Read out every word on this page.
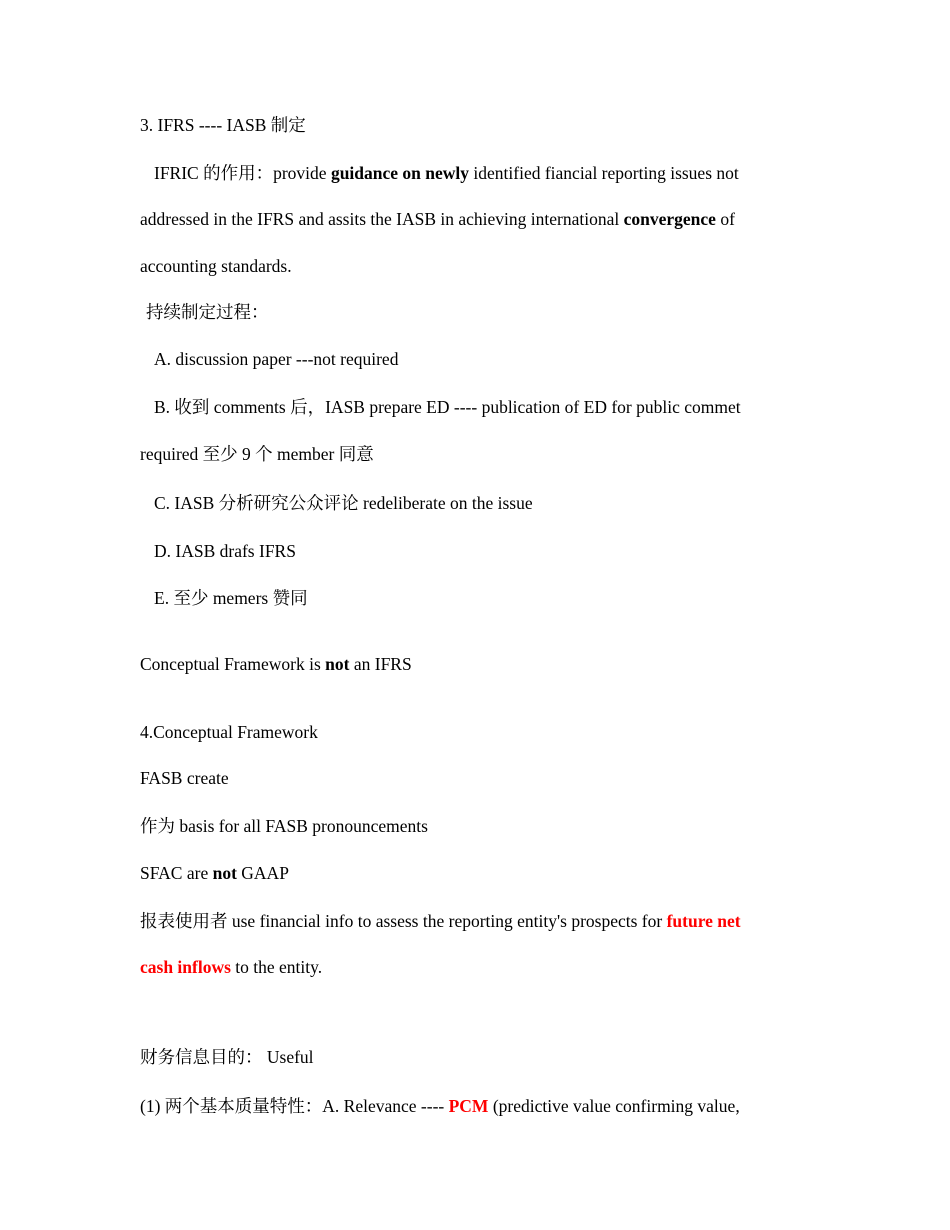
3. IFRS ---- IASB 制定
IFRIC 的作用：provide guidance on newly identified fiancial reporting issues not
addressed in the IFRS and assits the IASB in achieving international convergence of
accounting standards.
持续制定过程：
A. discussion paper ---not required
B. 收到 comments 后，IASB prepare ED ---- publication of ED for public commet
required 至少 9 个 member 同意
C. IASB 分析研究公众评论 redeliberate on the issue
D. IASB drafs IFRS
E. 至少 memers 赞同
Conceptual Framework is not an IFRS
4.Conceptual Framework
FASB create
作为 basis for all FASB pronouncements
SFAC are not GAAP
报表使用者 use financial info to assess the reporting entity's prospects for future net
cash inflows to the entity.
财务信息目的： Useful
(1) 两个基本质量特性：A. Relevance ---- PCM (predictive value confirming value,
